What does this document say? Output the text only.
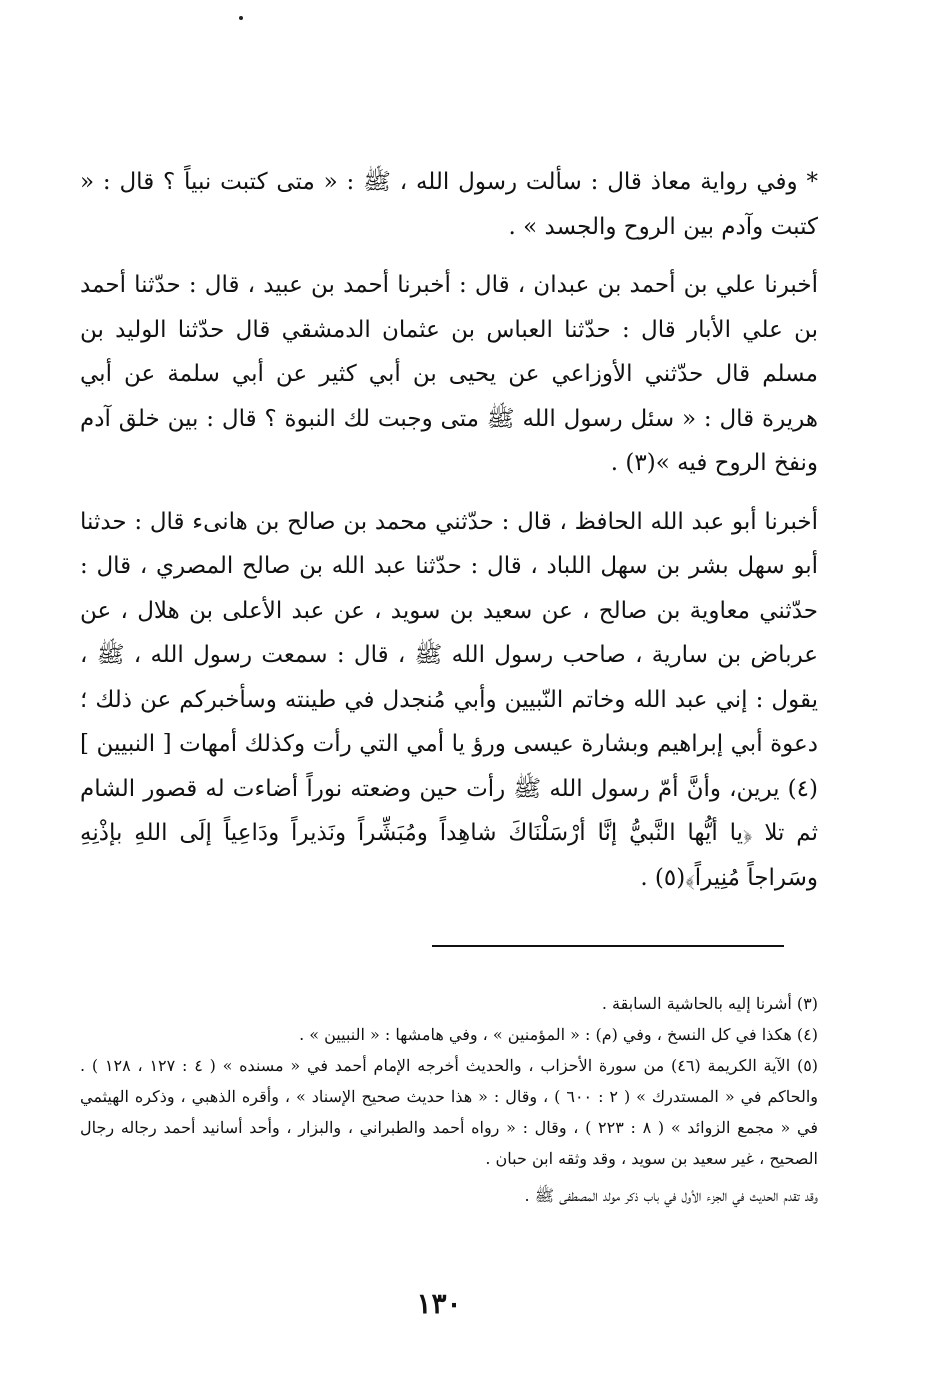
* وفي رواية معاذ قال : سألت رسول الله ، ﷺ : « متى كتبت نبياً ؟ قال : « كتبت وآدم بين الروح والجسد » .

أخبرنا علي بن أحمد بن عبدان ، قال : أخبرنا أحمد بن عبيد ، قال : حدّثنا أحمد بن علي الأبار قال : حدّثنا العباس بن عثمان الدمشقي قال حدّثنا الوليد بن مسلم قال حدّثني الأوزاعي عن يحيى بن أبي كثير عن أبي سلمة عن أبي هريرة قال : « سئل رسول الله ﷺ متى وجبت لك النبوة ؟ قال : بين خلق آدم ونفخ الروح فيه »(٣) .

أخبرنا أبو عبد الله الحافظ ، قال : حدّثني محمد بن صالح بن هانىء قال : حدثنا أبو سهل بشر بن سهل اللباد ، قال : حدّثنا عبد الله بن صالح المصري ، قال : حدّثني معاوية بن صالح ، عن سعيد بن سويد ، عن عبد الأعلى بن هلال ، عن عرباض بن سارية ، صاحب رسول الله ﷺ ، قال : سمعت رسول الله ، ﷺ ، يقول : إني عبد الله وخاتم النّبيين وأبي مُنجدل في طينته وسأخبركم عن ذلك ؛ دعوة أبي إبراهيم وبشارة عيسى ورؤ يا أمي التي رأت وكذلك أمهات [ النبيين ](٤) يرين، وأنَّ أمّ رسول الله ﷺ رأت حين وضعته نوراً أضاءت له قصور الشام ثم تلا ﴿يا أيُّها النَّبيُّ إنَّا أرْسَلْنَاكَ شاهِداً ومُبَشِّراً ونَذيراً ودَاعِياً إلَى اللهِ بإذْنِهِ وسَراجاً مُنِيراً﴾(٥) .

(٣) أشرنا إليه بالحاشية السابقة .

(٤) هكذا في كل النسخ ، وفي (م) : « المؤمنين » ، وفي هامشها : « النبيين » .

(٥) الآية الكريمة (٤٦) من سورة الأحزاب ، والحديث أخرجه الإمام أحمد في « مسنده » ( ٤ : ١٢٧ ، ١٢٨ ) . والحاكم في « المستدرك » ( ٢ : ٦٠٠ ) ، وقال : « هذا حديث صحيح الإسناد » ، وأقره الذهبي ، وذكره الهيثمي في « مجمع الزوائد » ( ٨ : ٢٢٣ ) ، وقال : « رواه أحمد والطبراني ، والبزار ، وأحد أسانيد أحمد رجاله رجال الصحيح ، غير سعيد بن سويد ، وقد وثقه ابن حبان .

وقد تقدم الحديث في الجزء الأول في باب ذكر مولد المصطفى ﷺ .

١٣٠
